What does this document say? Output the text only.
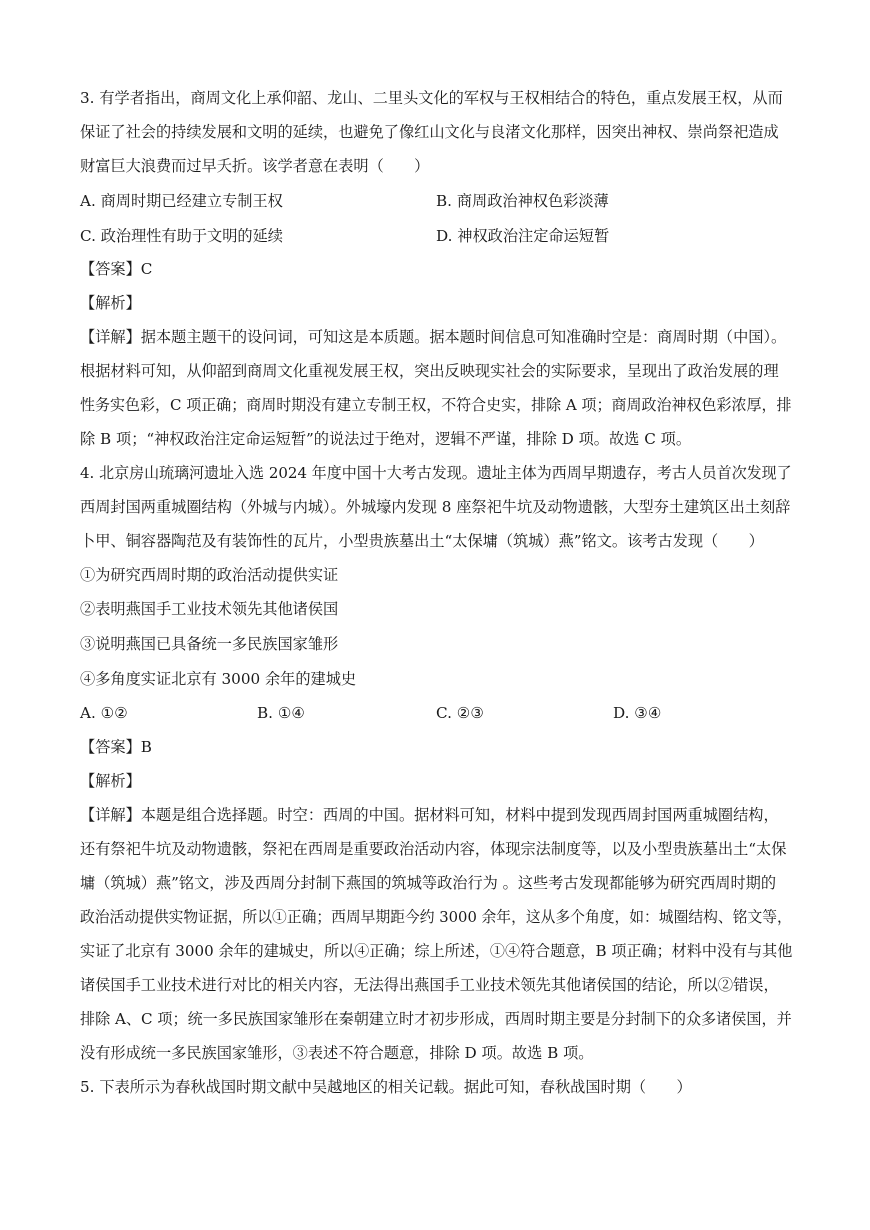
3. 有学者指出，商周文化上承仰韶、龙山、二里头文化的军权与王权相结合的特色，重点发展王权，从而
保证了社会的持续发展和文明的延续，也避免了像红山文化与良渚文化那样，因突出神权、崇尚祭祀造成
财富巨大浪费而过早夭折。该学者意在表明（　　）
A. 商周时期已经建立专制王权	B. 商周政治神权色彩淡薄
C. 政治理性有助于文明的延续	D. 神权政治注定命运短暂
【答案】C
【解析】
【详解】据本题主题干的设问词，可知这是本质题。据本题时间信息可知准确时空是：商周时期（中国）。
根据材料可知，从仰韶到商周文化重视发展王权，突出反映现实社会的实际要求，呈现出了政治发展的理
性务实色彩，C 项正确；商周时期没有建立专制王权，不符合史实，排除 A 项；商周政治神权色彩浓厚，排
除 B 项；“神权政治注定命运短暂”的说法过于绝对，逻辑不严谨，排除 D 项。故选 C 项。
4. 北京房山琉璃河遗址入选 2024 年度中国十大考古发现。遗址主体为西周早期遗存，考古人员首次发现了
西周封国两重城圈结构（外城与内城）。外城壕内发现 8 座祭祀牛坑及动物遗骸，大型夯土建筑区出土刻辞
卜甲、铜容器陶范及有装饰性的瓦片，小型贵族墓出土“太保墉（筑城）燕”铭文。该考古发现（　　）
①为研究西周时期的政治活动提供实证
②表明燕国手工业技术领先其他诸侯国
③说明燕国已具备统一多民族国家雏形
④多角度实证北京有 3000 余年的建城史
A. ①②	B. ①④	C. ②③	D. ③④
【答案】B
【解析】
【详解】本题是组合选择题。时空：西周的中国。据材料可知，材料中提到发现西周封国两重城圈结构，
还有祭祀牛坑及动物遗骸，祭祀在西周是重要政治活动内容，体现宗法制度等，以及小型贵族墓出土“太保
墉（筑城）燕”铭文，涉及西周分封制下燕国的筑城等政治行为 。这些考古发现都能够为研究西周时期的
政治活动提供实物证据，所以①正确；西周早期距今约 3000 余年，这从多个角度，如：城圈结构、铭文等，
实证了北京有 3000 余年的建城史，所以④正确；综上所述，①④符合题意，B 项正确；材料中没有与其他
诸侯国手工业技术进行对比的相关内容，无法得出燕国手工业技术领先其他诸侯国的结论，所以②错误，
排除 A、C 项；统一多民族国家雏形在秦朝建立时才初步形成，西周时期主要是分封制下的众多诸侯国，并
没有形成统一多民族国家雏形，③表述不符合题意，排除 D 项。故选 B 项。
5. 下表所示为春秋战国时期文献中吴越地区的相关记载。据此可知，春秋战国时期（　　）
